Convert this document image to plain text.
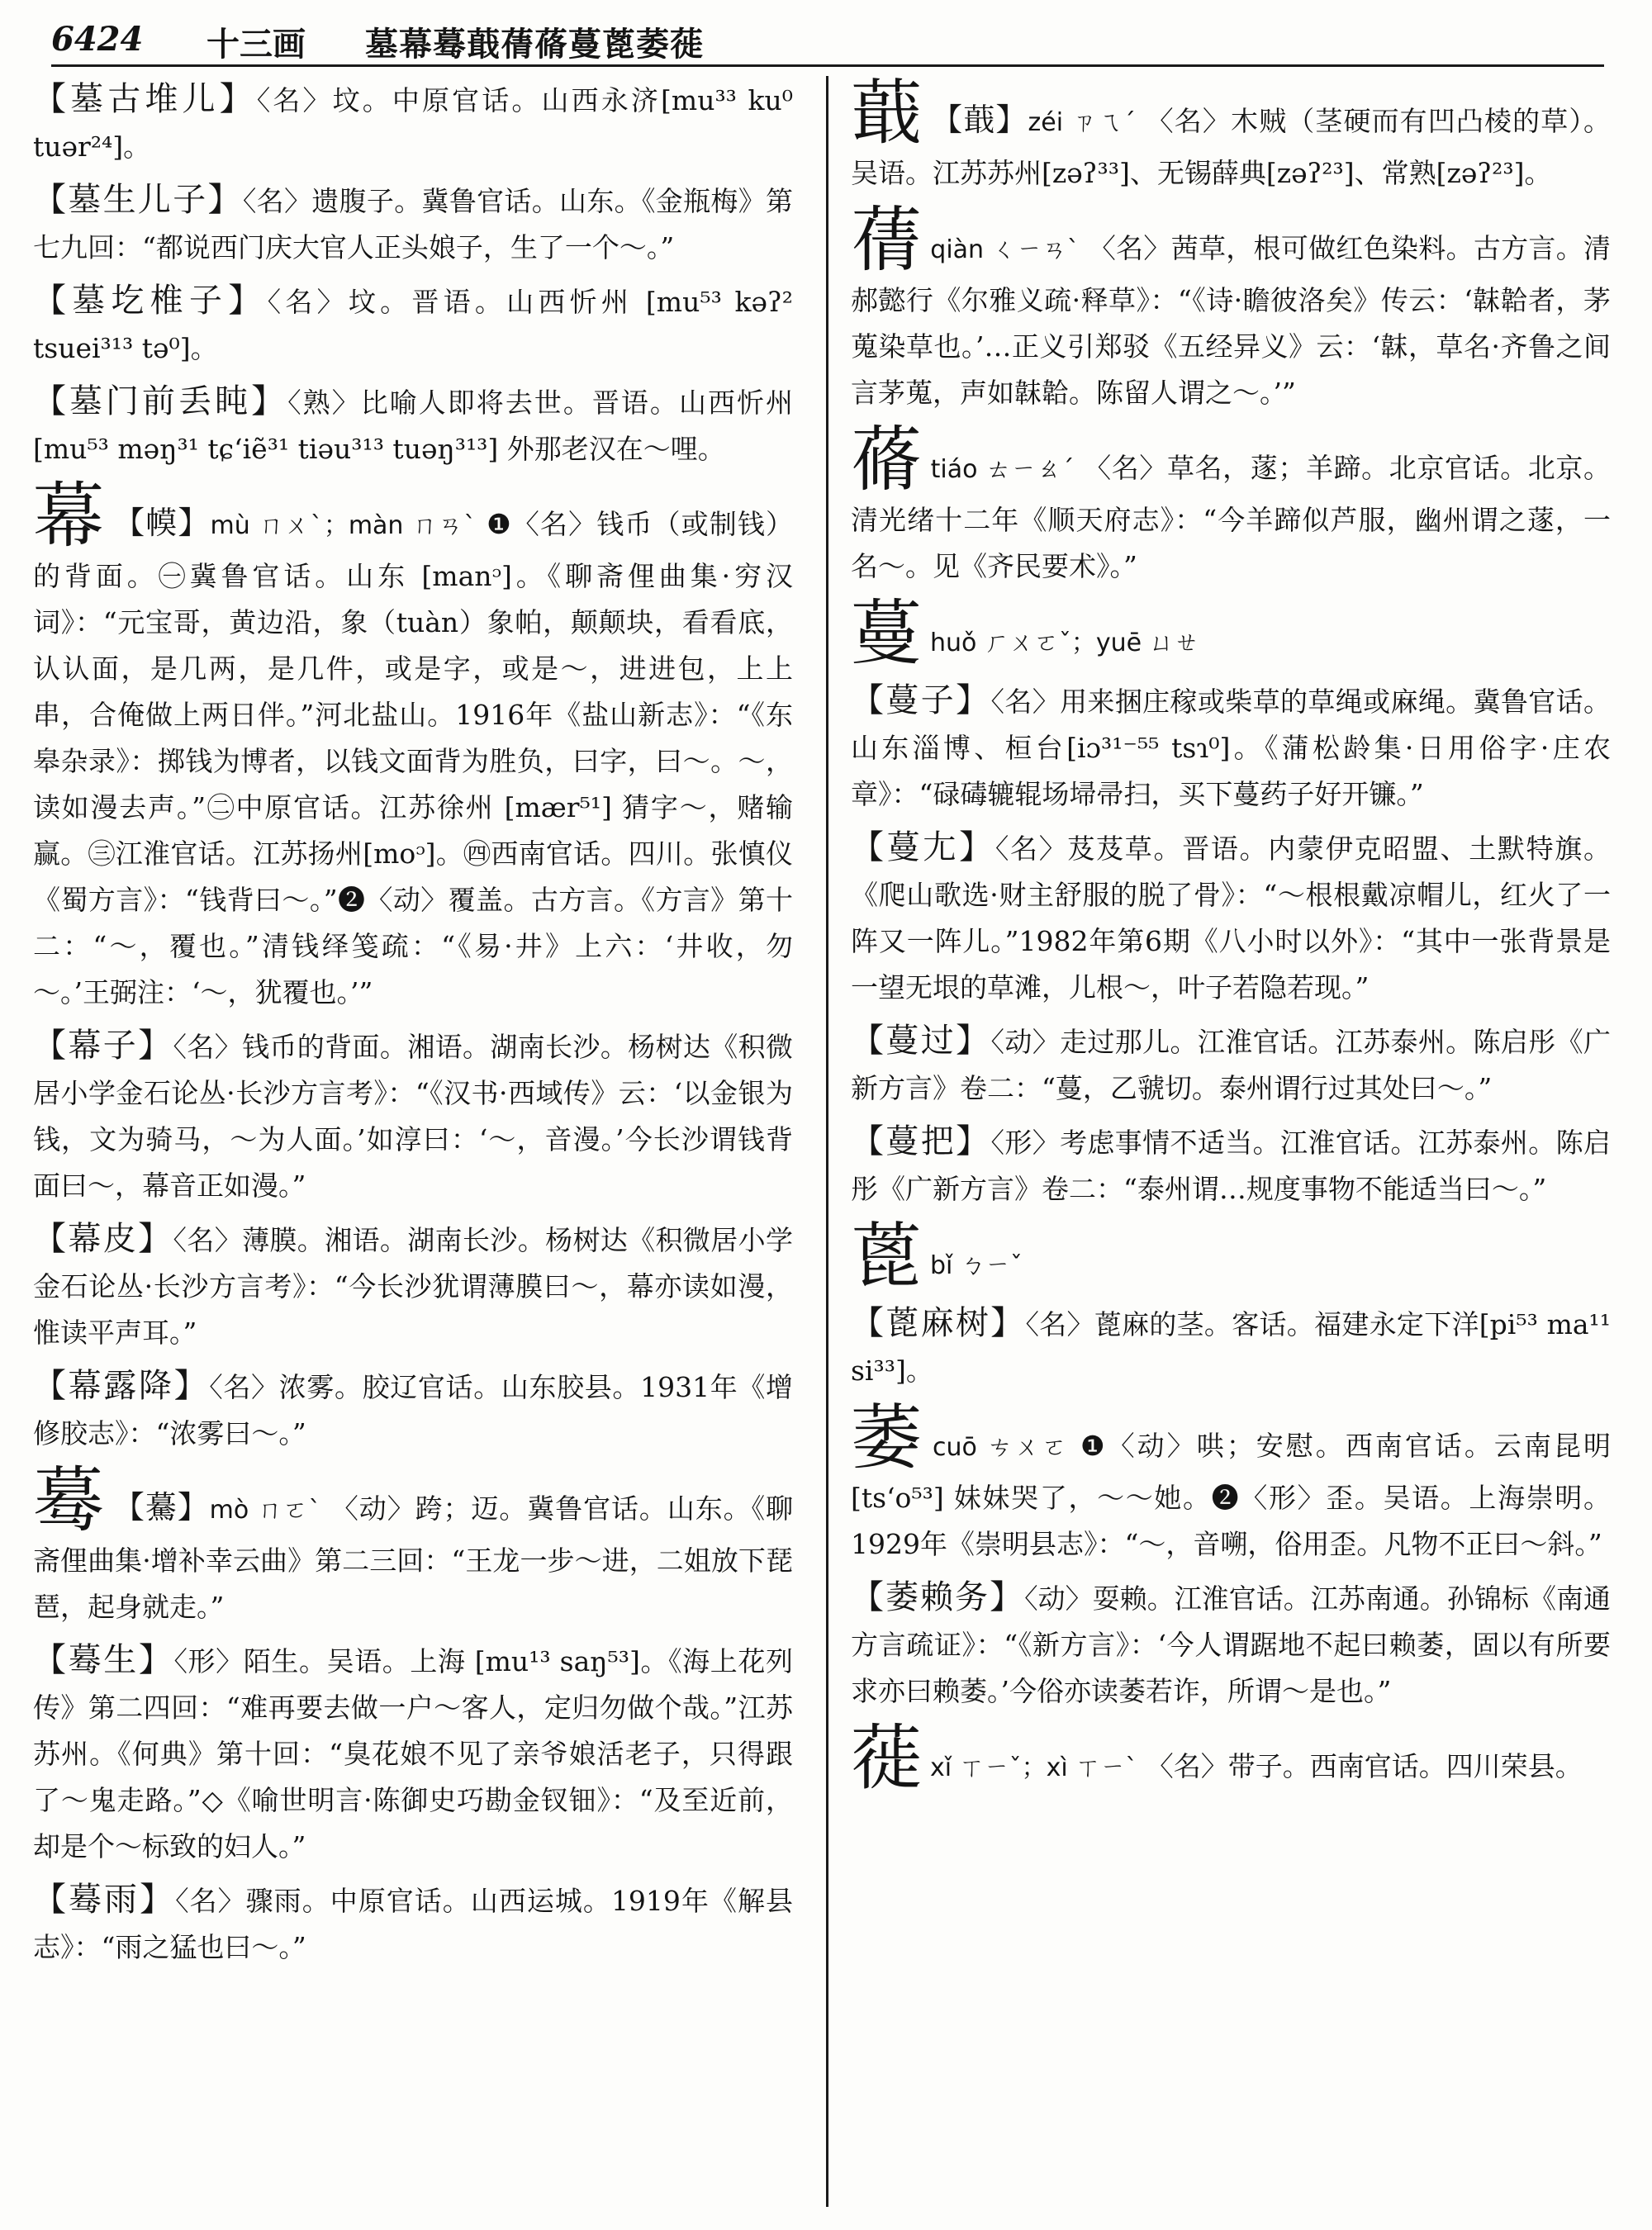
6424 十三画 墓幕蓦蕺蒨蓨蔓蓖萎蓰

【墓古堆儿】〈名〉坟。中原官话。山西永济[mu³³ ku⁰ tuər²⁴]。

【墓生儿子】〈名〉遗腹子。冀鲁官话。山东。《金瓶梅》第七九回：“都说西门庆大官人正头娘子，生了一个～。”

【墓圪椎子】〈名〉坟。晋语。山西忻州 [mu⁵³ kəʔ² tsuei³¹³ tə⁰]。

【墓门前丢盹】〈熟〉比喻人即将去世。晋语。山西忻州 [mu⁵³ məŋ³¹ tɕ‘iẽ³¹ tiəu³¹³ tuəŋ³¹³] 外那老汉在～哩。

幕 【幙】mù ㄇㄨˋ；màn ㄇㄢˋ ❶〈名〉钱币（或制钱）的背面。㊀冀鲁官话。山东 [manᵓ]。《聊斋俚曲集·穷汉词》：“元宝哥，黄边沿，象（tuàn）象帕，颠颠块，看看底，认认面，是几两，是几件，或是字，或是～，进进包，上上串，合俺做上两日伴。”河北盐山。1916年《盐山新志》：“《东皋杂录》：掷钱为博者，以钱文面背为胜负，曰字，曰～。～，读如漫去声。”㊁中原官话。江苏徐州 [mær⁵¹] 猜字～，赌输赢。㊂江淮官话。江苏扬州[moᵓ]。㊃西南官话。四川。张慎仪《蜀方言》：“钱背曰～。”❷〈动〉覆盖。古方言。《方言》第十二：“～，覆也。”清钱绎笺疏：“《易·井》上六：‘井收，勿～。’王弼注：‘～，犹覆也。’”

【幕子】〈名〉钱币的背面。湘语。湖南长沙。杨树达《积微居小学金石论丛·长沙方言考》：“《汉书·西域传》云：‘以金银为钱，文为骑马，～为人面。’如淳曰：‘～，音漫。’今长沙谓钱背面曰～，幕音正如漫。”

【幕皮】〈名〉薄膜。湘语。湖南长沙。杨树达《积微居小学金石论丛·长沙方言考》：“今长沙犹谓薄膜曰～，幕亦读如漫，惟读平声耳。”

【幕露降】〈名〉浓雾。胶辽官话。山东胶县。1931年《增修胶志》：“浓雾曰～。”

蓦 【驀】mò ㄇㄛˋ 〈动〉跨；迈。冀鲁官话。山东。《聊斋俚曲集·增补幸云曲》第二三回：“王龙一步～进，二姐放下琵琶，起身就走。”

【蓦生】〈形〉陌生。吴语。上海 [mu¹³ saŋ⁵³]。《海上花列传》第二四回：“难再要去做一户～客人，定归勿做个哉。”江苏苏州。《何典》第十回：“臭花娘不见了亲爷娘活老子，只得跟了～鬼走路。”◇《喻世明言·陈御史巧勘金钗钿》：“及至近前，却是个～标致的妇人。”

【蓦雨】〈名〉骤雨。中原官话。山西运城。1919年《解县志》：“雨之猛也曰～。”

蕺 【蕺】zéi ㄗㄟˊ 〈名〉木贼（茎硬而有凹凸棱的草）。吴语。江苏苏州[zəʔ³³]、无锡薛典[zəʔ²³]、常熟[zəʔ²³]。

蒨qiàn ㄑㄧㄢˋ 〈名〉茜草，根可做红色染料。古方言。清郝懿行《尔雅义疏·释草》：“《诗·瞻彼洛矣》传云：‘韎韐者，茅蒐染草也。’…正义引郑驳《五经异义》云：‘韎，草名·齐鲁之间言茅蒐，声如韎韐。陈留人谓之～。’”

蓨tiáo ㄊㄧㄠˊ 〈名〉草名，蓫；羊蹄。北京官话。北京。清光绪十二年《顺天府志》：“今羊蹄似芦服，幽州谓之蓫，一名～。见《齐民要术》。”

蔓huǒ ㄏㄨㄛˇ；yuē ㄩㄝ

【蔓子】〈名〉用来捆庄稼或柴草的草绳或麻绳。冀鲁官话。山东淄博、桓台[iɔ³¹⁻⁵⁵ tsɿ⁰]。《蒲松龄集·日用俗字·庄农章》：“碌碡辘辊场埽帚扫，买下蔓药子好开镰。”

【蔓尢】〈名〉芨芨草。晋语。内蒙伊克昭盟、土默特旗。《爬山歌选·财主舒服的脱了骨》：“～根根戴凉帽儿，红火了一阵又一阵儿。”1982年第6期《八小时以外》：“其中一张背景是一望无垠的草滩，儿根～，叶子若隐若现。”

【蔓过】〈动〉走过那儿。江淮官话。江苏泰州。陈启彤《广新方言》卷二：“蔓，乙虢切。泰州谓行过其处曰～。”

【蔓把】〈形〉考虑事情不适当。江淮官话。江苏泰州。陈启彤《广新方言》卷二：“泰州谓…规度事物不能适当曰～。”

蓖bǐ ㄅㄧˇ

【蓖麻树】〈名〉蓖麻的茎。客话。福建永定下洋[pi⁵³ ma¹¹ si³³]。

萎cuō ㄘㄨㄛ ❶〈动〉哄；安慰。西南官话。云南昆明 [ts‘o⁵³] 妹妹哭了，～～她。❷〈形〉歪。吴语。上海崇明。1929年《崇明县志》：“～，音嗍，俗用歪。凡物不正曰～斜。”

【萎赖务】〈动〉耍赖。江淮官话。江苏南通。孙锦标《南通方言疏证》：“《新方言》：‘今人谓踞地不起曰赖萎，固以有所要求亦曰赖萎。’今俗亦读萎若诈，所谓～是也。”

蓰xǐ ㄒㄧˇ；xì ㄒㄧˋ 〈名〉带子。西南官话。四川荣县。
